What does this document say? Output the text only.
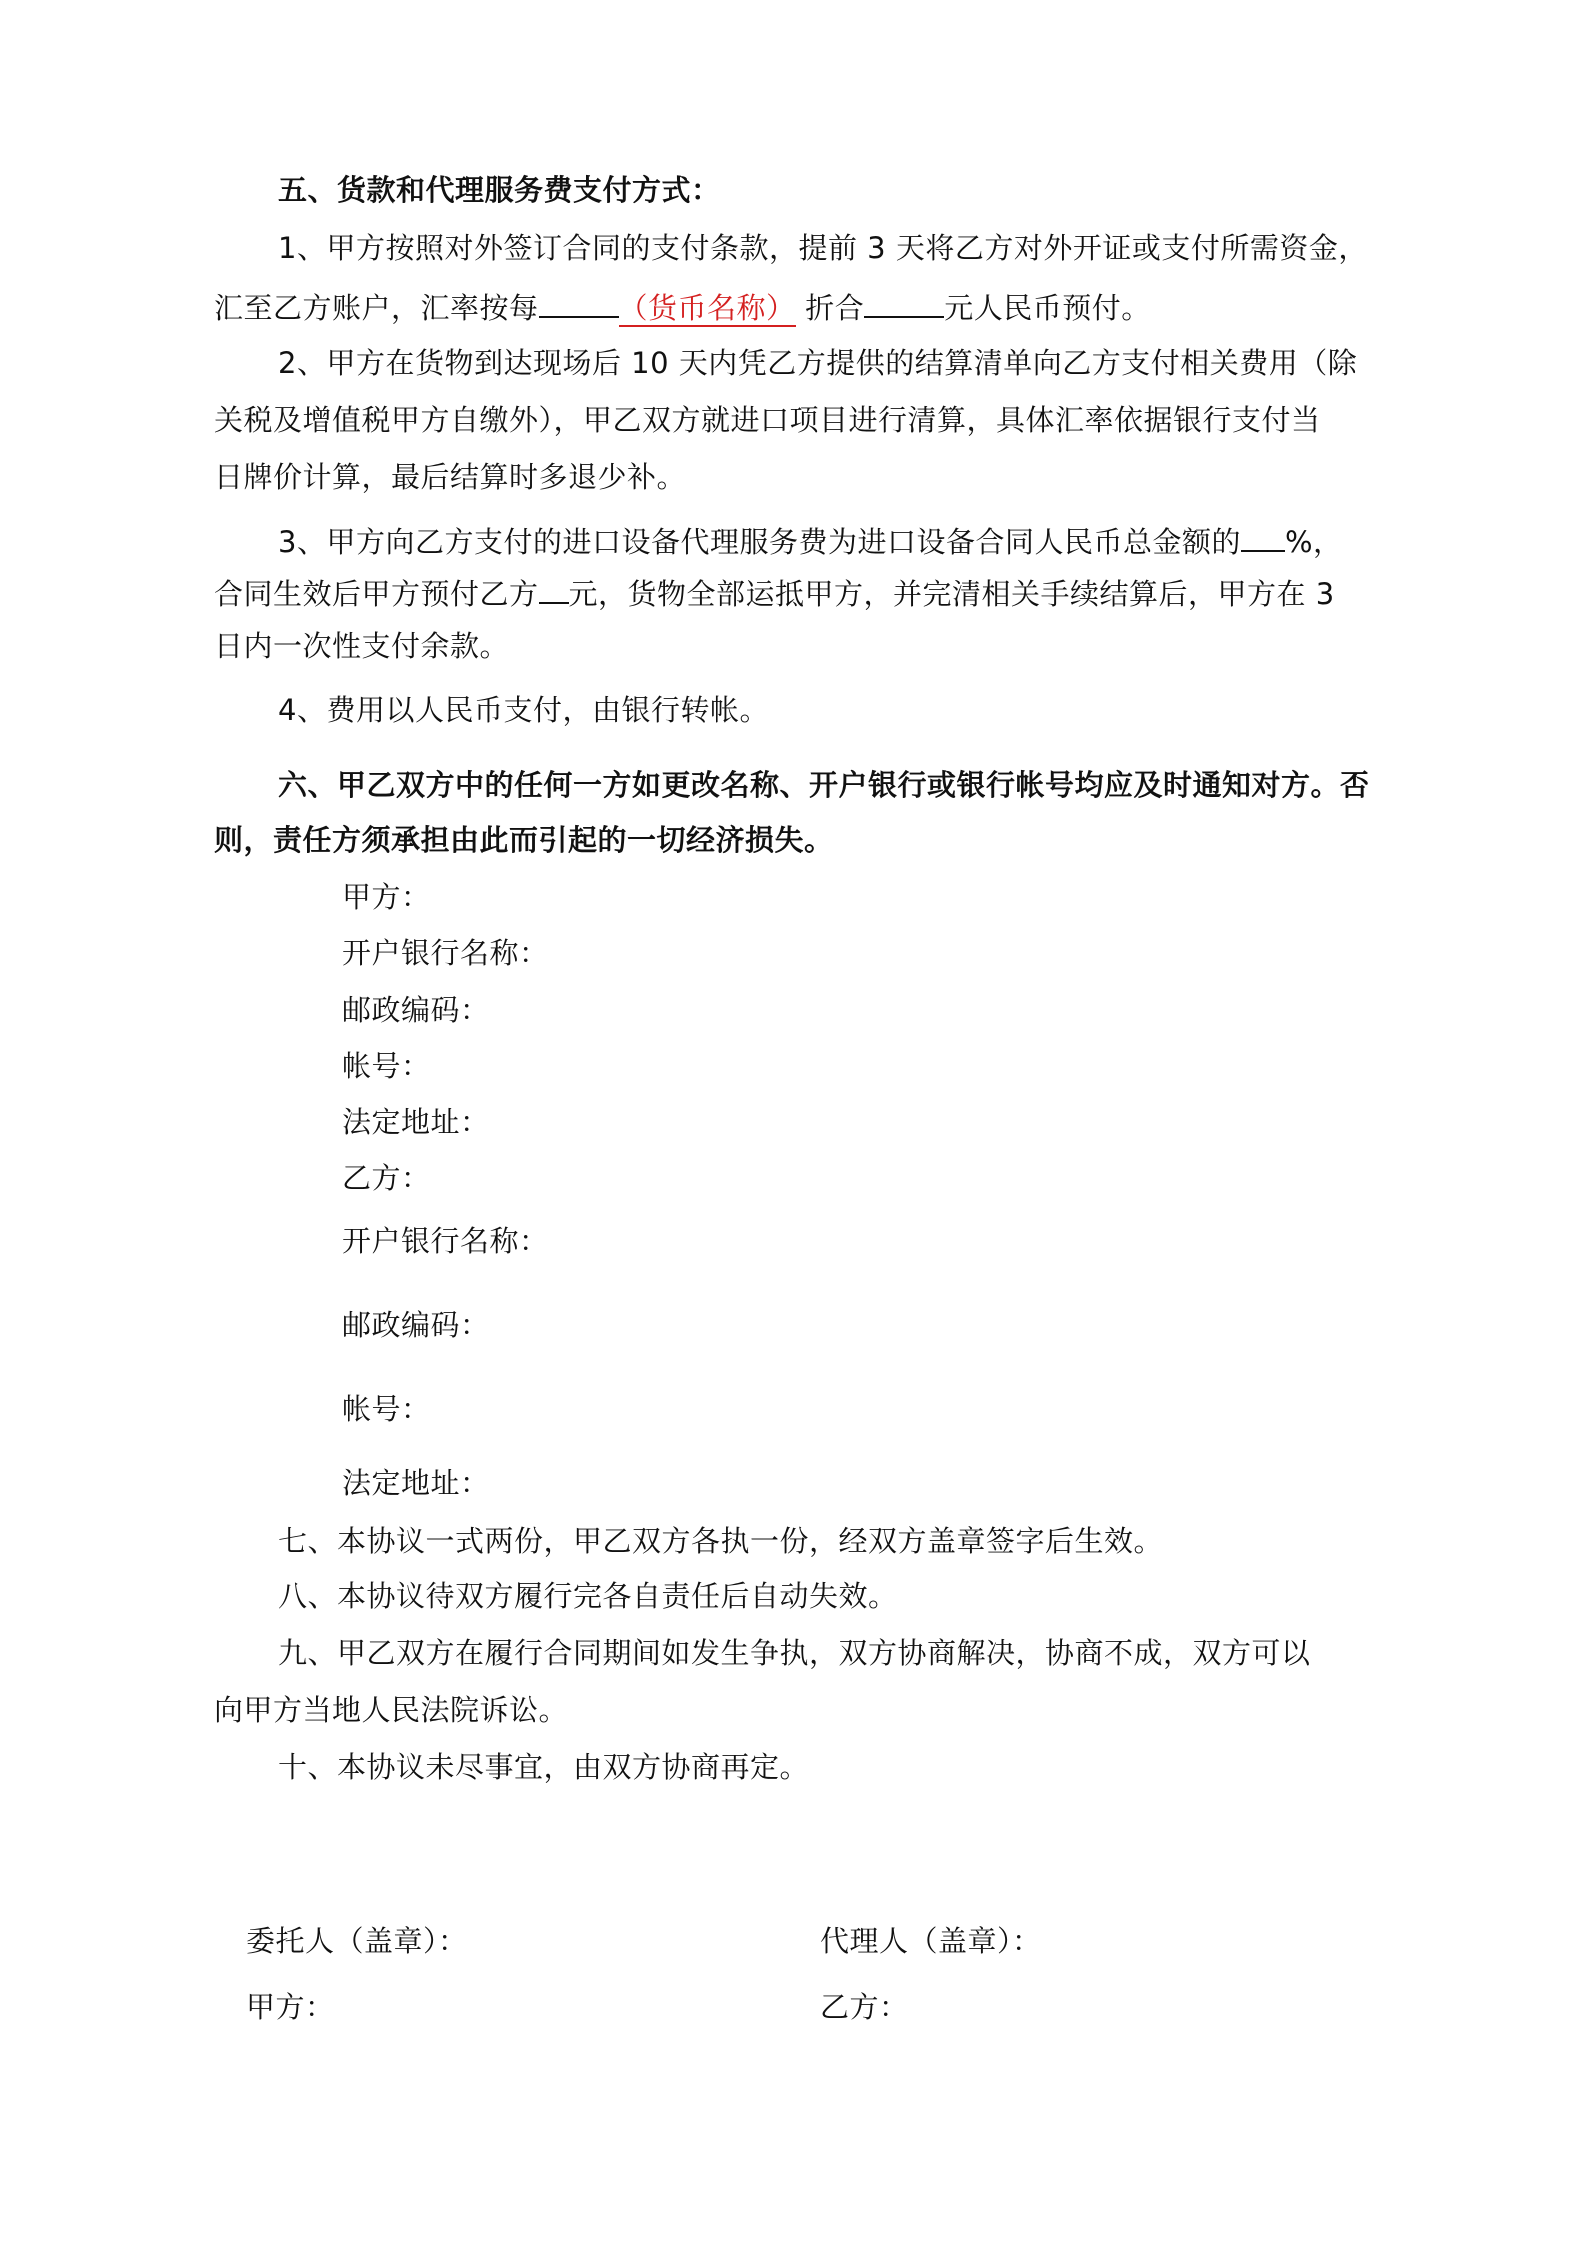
五、货款和代理服务费支付方式：
1、甲方按照对外签订合同的支付条款，提前 3 天将乙方对外开证或支付所需资金，
汇至乙方账户，汇率按每	（货币名称） 折合	元人民币预付。
2、甲方在货物到达现场后 10 天内凭乙方提供的结算清单向乙方支付相关费用（除
关税及增值税甲方自缴外），甲乙双方就进口项目进行清算，具体汇率依据银行支付当
日牌价计算，最后结算时多退少补。
3、甲方向乙方支付的进口设备代理服务费为进口设备合同人民币总金额的 %，
合同生效后甲方预付乙方 元，货物全部运抵甲方，并完清相关手续结算后，甲方在 3
日内一次性支付余款。
4、费用以人民币支付，由银行转帐。
六、甲乙双方中的任何一方如更改名称、开户银行或银行帐号均应及时通知对方。否
则，责任方须承担由此而引起的一切经济损失。
甲方：
开户银行名称：
邮政编码：
帐号：
法定地址：
乙方：
开户银行名称：
邮政编码：
帐号：
法定地址：
七、本协议一式两份，甲乙双方各执一份，经双方盖章签字后生效。
八、本协议待双方履行完各自责任后自动失效。
九、甲乙双方在履行合同期间如发生争执，双方协商解决，协商不成，双方可以
向甲方当地人民法院诉讼。
十、本协议未尽事宜，由双方协商再定。
委托人（盖章）：	代理人（盖章）：
甲方：	乙方：
